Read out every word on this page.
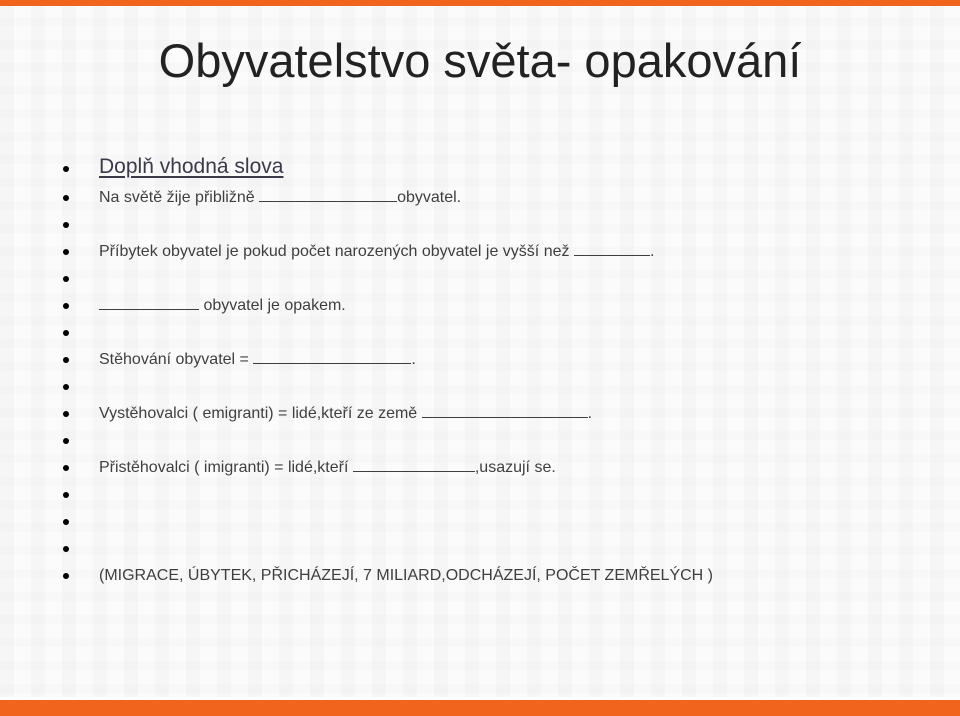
Obyvatelstvo světa- opakování
Doplň vhodná slova
Na světě žije přibližně	obyvatel.
Příbytek obyvatel je pokud počet narozených obyvatel je vyšší než	.
obyvatel je opakem.
Stěhování obyvatel =	.
Vystěhovalci ( emigranti) = lidé,kteří ze země	.
Přistěhovalci ( imigranti) = lidé,kteří	,usazují se.
(MIGRACE, ÚBYTEK, PŘICHÁZEJÍ, 7 MILIARD,ODCHÁZEJÍ, POČET ZEMŘELÝCH )
